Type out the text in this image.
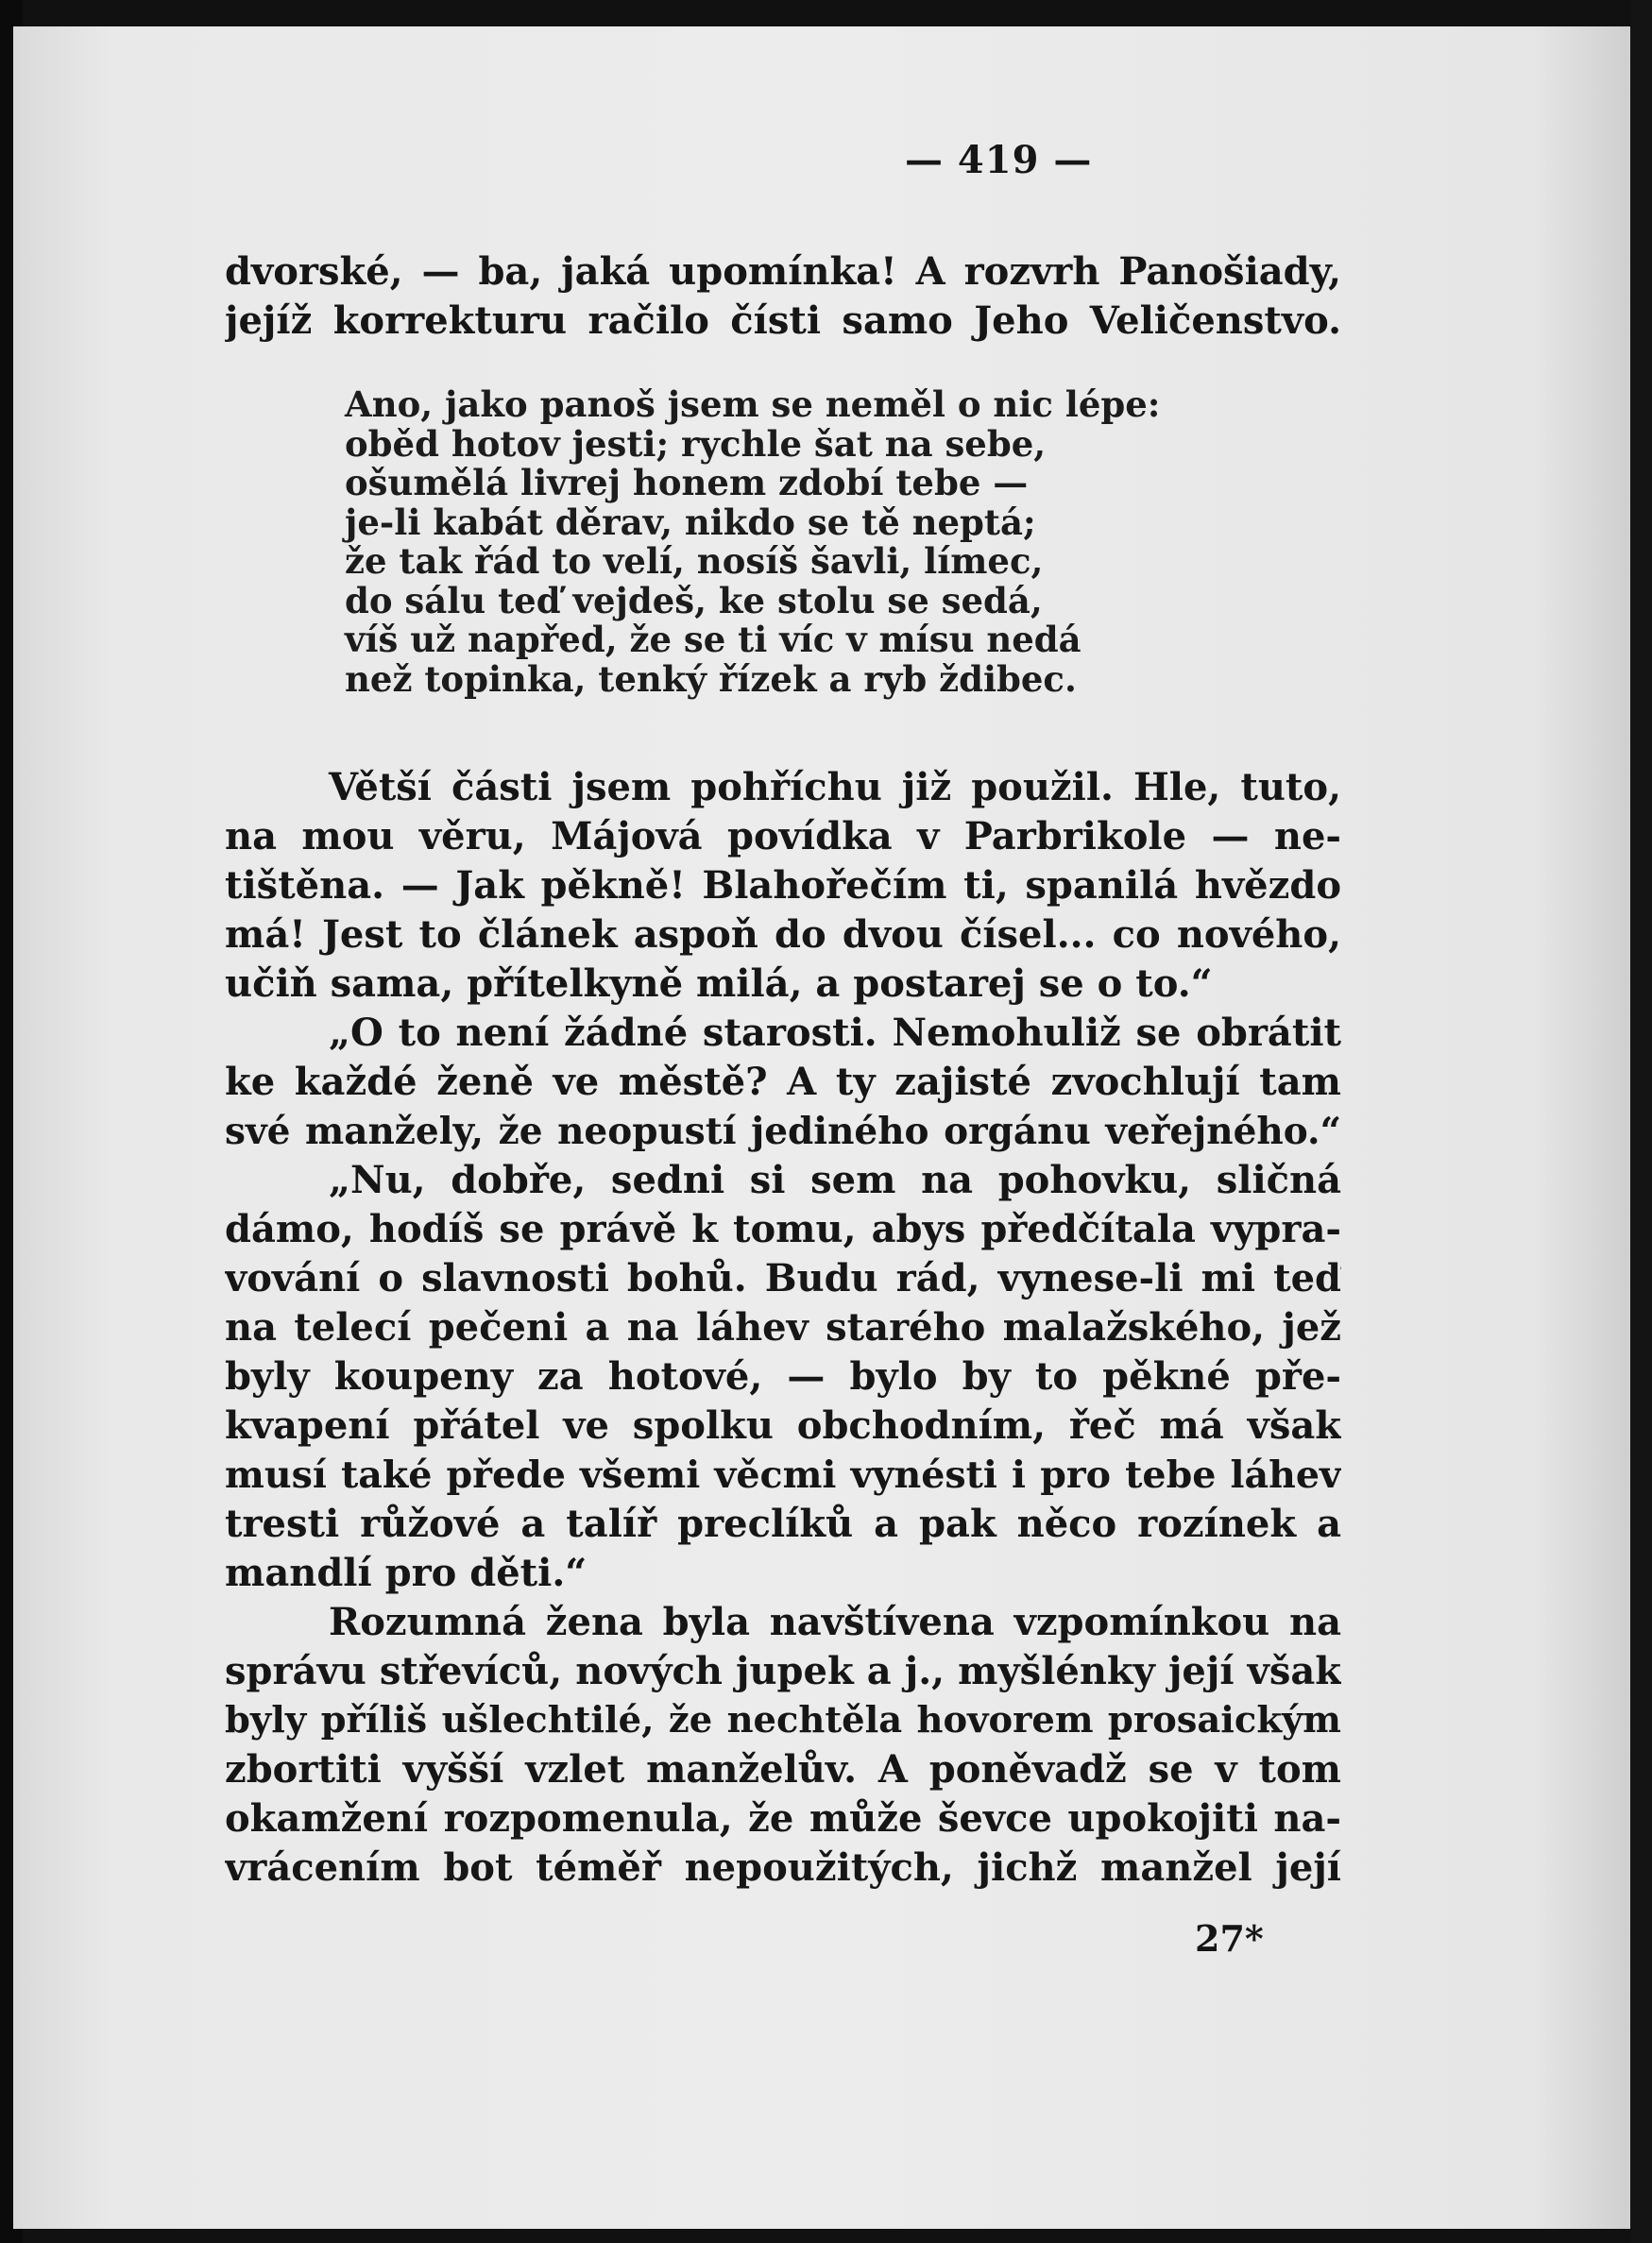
— 419 —
dvorské, — ba, jaká upomínka! A rozvrh Panošiady,
jejíž korrekturu račilo čísti samo Jeho Veličenstvo.
Ano, jako panoš jsem se neměl o nic lépe:
oběd hotov jesti; rychle šat na sebe,
ošumělá livrej honem zdobí tebe —
je-li kabát děrav, nikdo se tě neptá;
že tak řád to velí, nosíš šavli, límec,
do sálu teď vejdeš, ke stolu se sedá,
víš už napřed, že se ti víc v mísu nedá
než topinka, tenký řízek a ryb ždibec.
Větší části jsem pohříchu již použil. Hle, tuto,
na mou věru, Májová povídka v Parbrikole — ne-
tištěna. — Jak pěkně! Blahořečím ti, spanilá hvězdo
má! Jest to článek aspoň do dvou čísel... co nového,
učiň sama, přítelkyně milá, a postarej se o to.“
„O to není žádné starosti. Nemohuliž se obrátit
ke každé ženě ve městě? A ty zajisté zvochlují tam
své manžely, že neopustí jediného orgánu veřejného.“
„Nu, dobře, sedni si sem na pohovku, sličná
dámo, hodíš se právě k tomu, abys předčítala vypra-
vování o slavnosti bohů. Budu rád, vynese-li mi teď
na telecí pečeni a na láhev starého malažského, jež
byly koupeny za hotové, — bylo by to pěkné pře-
kvapení přátel ve spolku obchodním, řeč má však
musí také přede všemi věcmi vynésti i pro tebe láhev
tresti růžové a talíř preclíků a pak něco rozínek a
mandlí pro děti.“
Rozumná žena byla navštívena vzpomínkou na
správu střevíců, nových jupek a j., myšlénky její však
byly příliš ušlechtilé, že nechtěla hovorem prosaickým
zbortiti vyšší vzlet manželův. A poněvadž se v tom
okamžení rozpomenula, že může ševce upokojiti na-
vrácením bot téměř nepoužitých, jichž manžel její
27*
